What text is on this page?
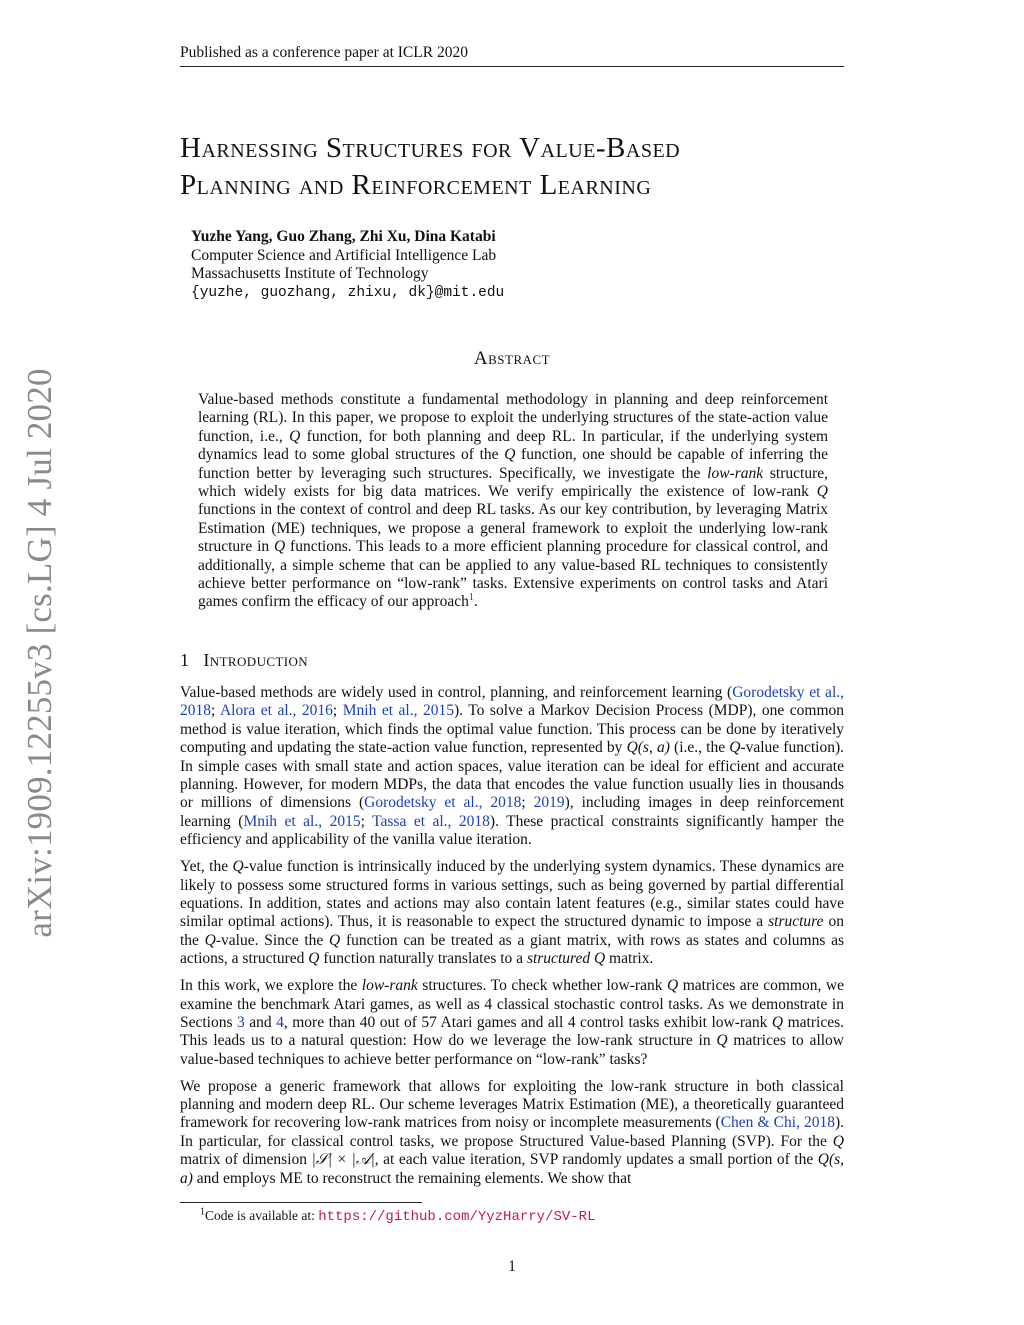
Published as a conference paper at ICLR 2020
arXiv:1909.12255v3 [cs.LG] 4 Jul 2020
Harnessing Structures for Value-Based
Planning and Reinforcement Learning
Yuzhe Yang, Guo Zhang, Zhi Xu, Dina Katabi
Computer Science and Artificial Intelligence Lab
Massachusetts Institute of Technology
{yuzhe, guozhang, zhixu, dk}@mit.edu
Abstract
Value-based methods constitute a fundamental methodology in planning and deep reinforcement learning (RL). In this paper, we propose to exploit the underlying structures of the state-action value function, i.e., Q function, for both planning and deep RL. In particular, if the underlying system dynamics lead to some global structures of the Q function, one should be capable of inferring the function better by leveraging such structures. Specifically, we investigate the low-rank structure, which widely exists for big data matrices. We verify empirically the existence of low-rank Q functions in the context of control and deep RL tasks. As our key contribution, by leveraging Matrix Estimation (ME) techniques, we propose a general framework to exploit the underlying low-rank structure in Q functions. This leads to a more efficient planning procedure for classical control, and additionally, a simple scheme that can be applied to any value-based RL techniques to consistently achieve better performance on “low-rank” tasks. Extensive experiments on control tasks and Atari games confirm the efficacy of our approach$^1$.
1 Introduction

Value-based methods are widely used in control, planning, and reinforcement learning (Gorodetsky et al., 2018; Alora et al., 2016; Mnih et al., 2015). To solve a Markov Decision Process (MDP), one common method is value iteration, which finds the optimal value function. This process can be done by iteratively computing and updating the state-action value function, represented by Q(s, a) (i.e., the Q-value function). In simple cases with small state and action spaces, value iteration can be ideal for efficient and accurate planning. However, for modern MDPs, the data that encodes the value function usually lies in thousands or millions of dimensions (Gorodetsky et al., 2018; 2019), including images in deep reinforcement learning (Mnih et al., 2015; Tassa et al., 2018). These practical constraints significantly hamper the efficiency and applicability of the vanilla value iteration.

Yet, the Q-value function is intrinsically induced by the underlying system dynamics. These dynamics are likely to possess some structured forms in various settings, such as being governed by partial differential equations. In addition, states and actions may also contain latent features (e.g., similar states could have similar optimal actions). Thus, it is reasonable to expect the structured dynamic to impose a structure on the Q-value. Since the Q function can be treated as a giant matrix, with rows as states and columns as actions, a structured Q function naturally translates to a structured Q matrix.

In this work, we explore the low-rank structures. To check whether low-rank Q matrices are common, we examine the benchmark Atari games, as well as 4 classical stochastic control tasks. As we demonstrate in Sections 3 and 4, more than 40 out of 57 Atari games and all 4 control tasks exhibit low-rank Q matrices. This leads us to a natural question: How do we leverage the low-rank structure in Q matrices to allow value-based techniques to achieve better performance on “low-rank” tasks?

We propose a generic framework that allows for exploiting the low-rank structure in both classical planning and modern deep RL. Our scheme leverages Matrix Estimation (ME), a theoretically guaranteed framework for recovering low-rank matrices from noisy or incomplete measurements (Chen & Chi, 2018). In particular, for classical control tasks, we propose Structured Value-based Planning (SVP). For the Q matrix of dimension |𝒮| × |𝒜|, at each value iteration, SVP randomly updates a small portion of the Q(s, a) and employs ME to reconstruct the remaining elements. We show that

$^1$Code is available at: https://github.com/YyzHarry/SV-RL
1
